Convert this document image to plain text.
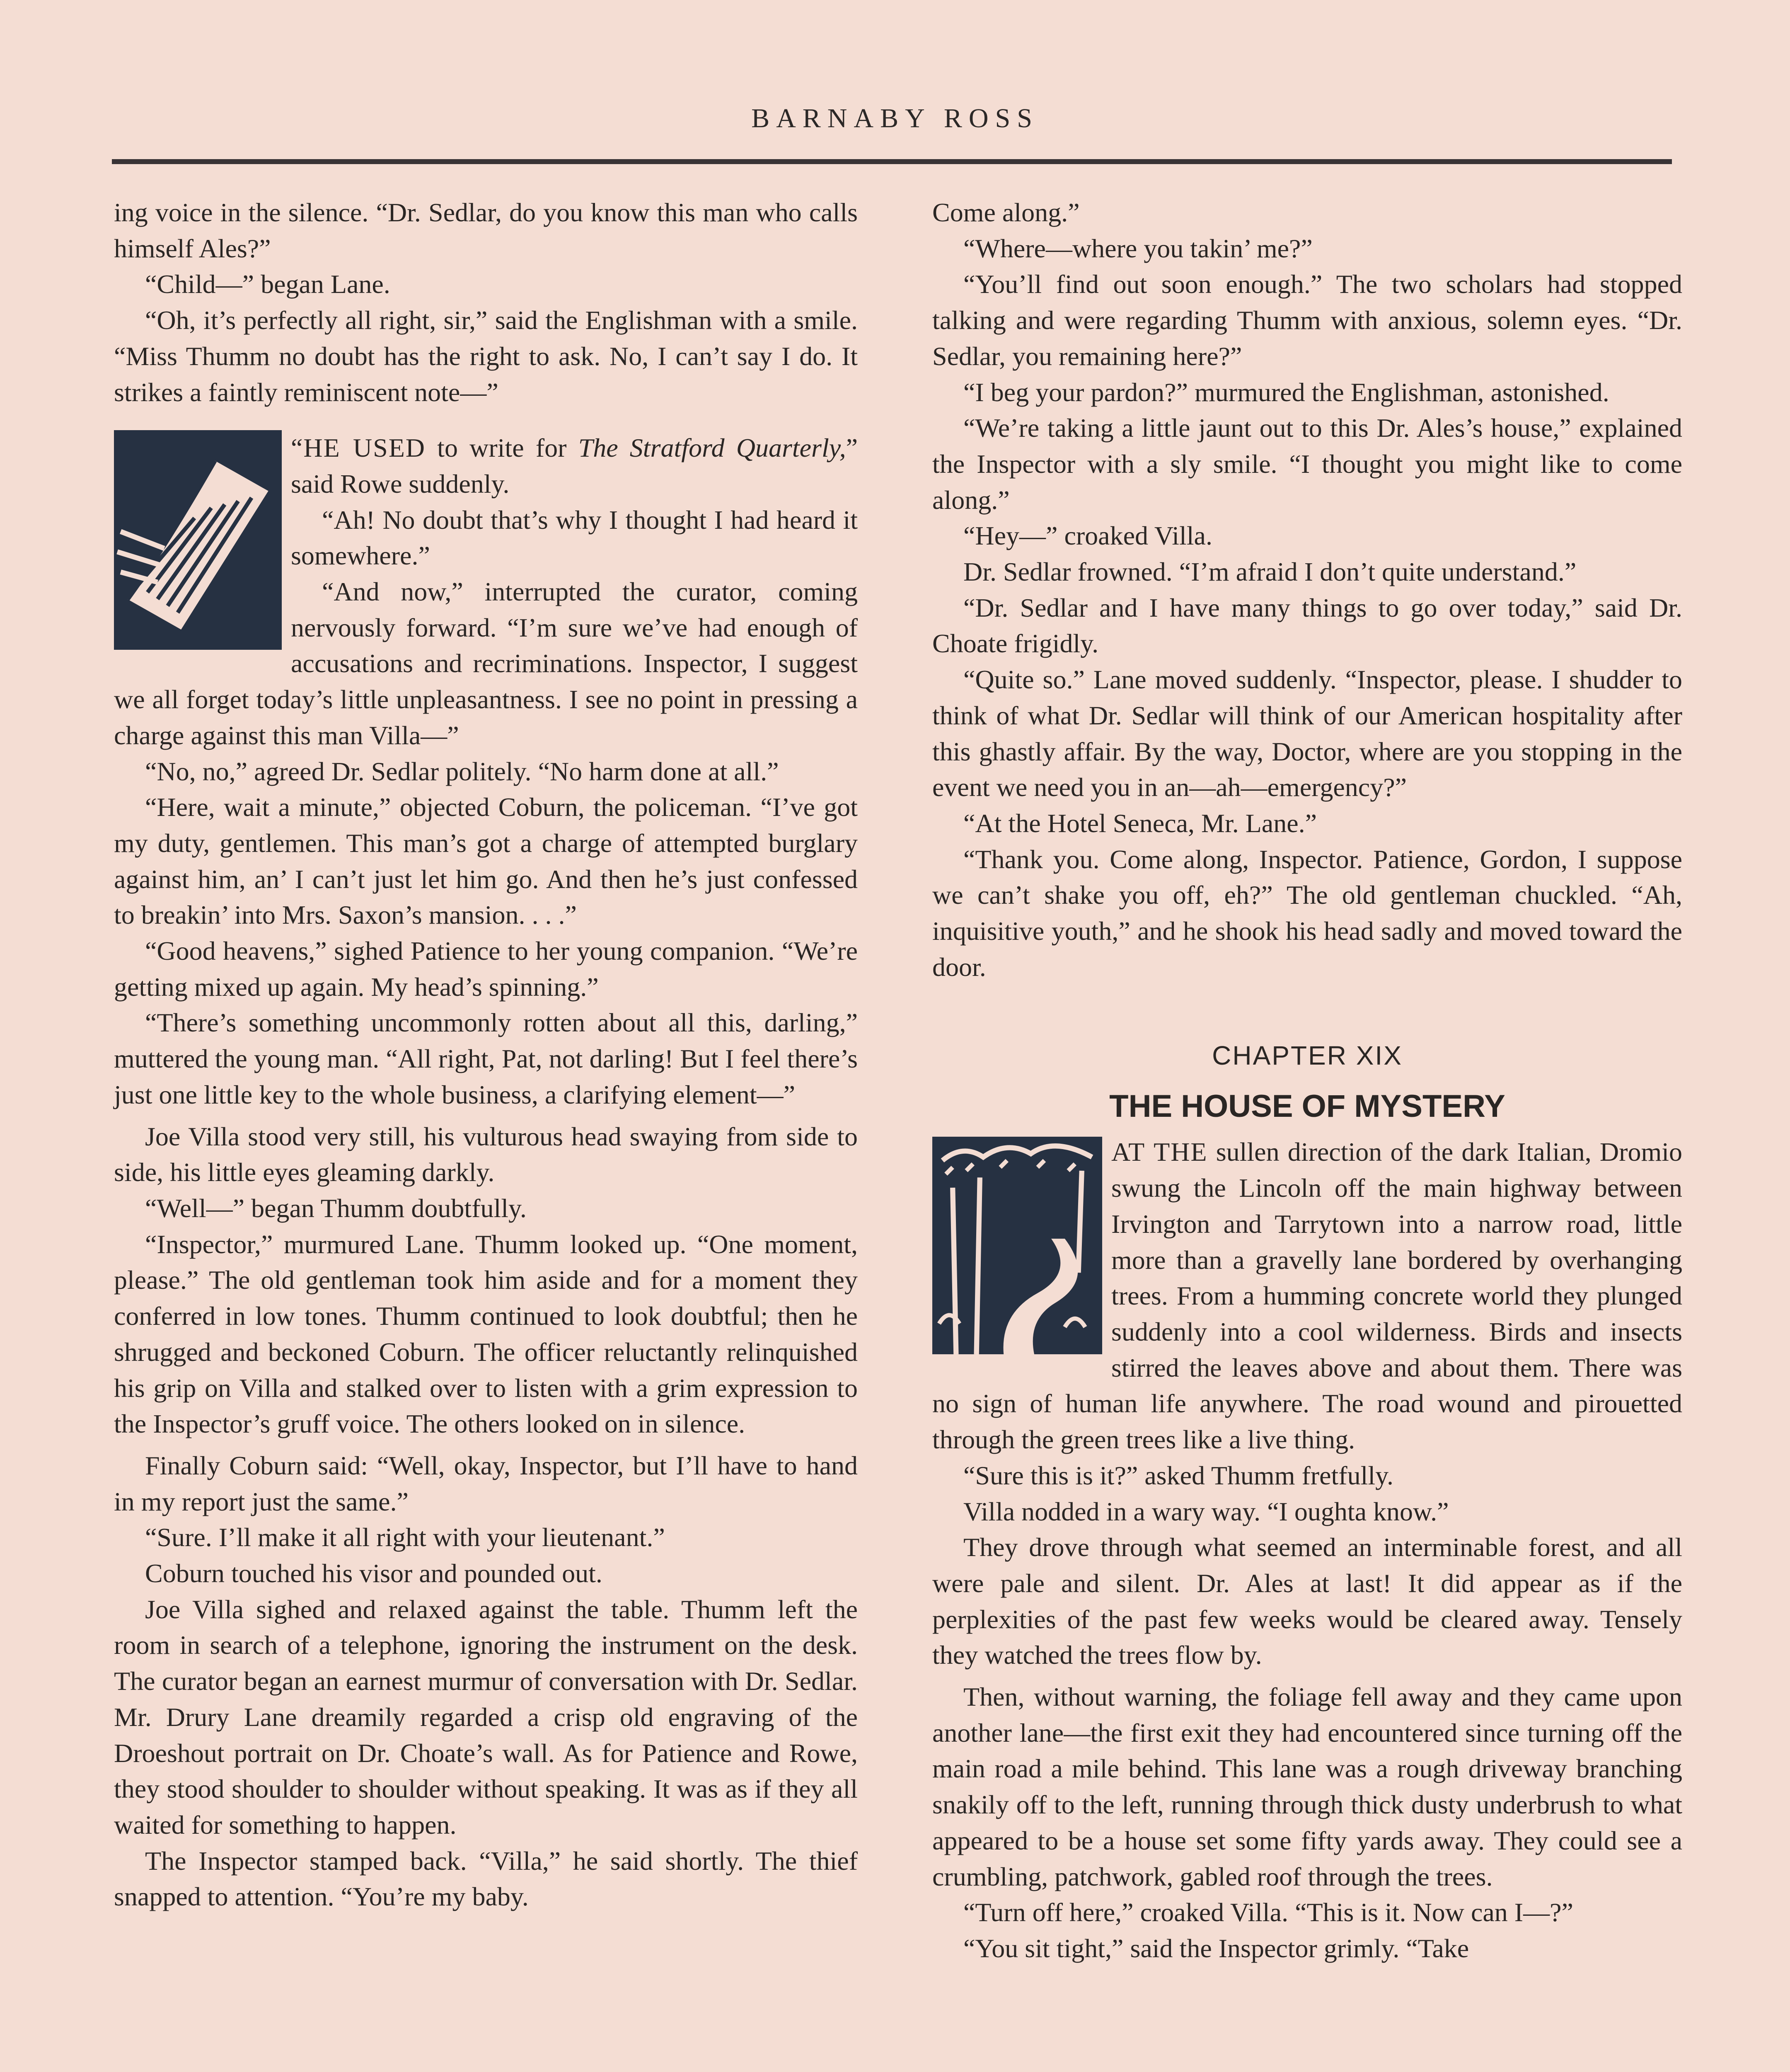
BARNABY ROSS

ing voice in the silence. “Dr. Sedlar, do you know this man who calls himself Ales?”

“Child—” began Lane.

“Oh, it’s perfectly all right, sir,” said the Englishman with a smile. “Miss Thumm no doubt has the right to ask. No, I can’t say I do. It strikes a faintly reminiscent note—”

“HE USED to write for The Stratford Quarterly,” said Rowe suddenly.

“Ah! No doubt that’s why I thought I had heard it somewhere.”

“And now,” interrupted the curator, coming nervously forward. “I’m sure we’ve had enough of accusations and recriminations. Inspector, I suggest we all forget today’s little unpleasantness. I see no point in pressing a charge against this man Villa—”

“No, no,” agreed Dr. Sedlar politely. “No harm done at all.”

“Here, wait a minute,” objected Coburn, the policeman. “I’ve got my duty, gentlemen. This man’s got a charge of attempted burglary against him, an’ I can’t just let him go. And then he’s just confessed to breakin’ into Mrs. Saxon’s mansion. . . .”

“Good heavens,” sighed Patience to her young companion. “We’re getting mixed up again. My head’s spinning.”

“There’s something uncommonly rotten about all this, darling,” muttered the young man. “All right, Pat, not darling! But I feel there’s just one little key to the whole business, a clarifying element—”

Joe Villa stood very still, his vulturous head swaying from side to side, his little eyes gleaming darkly.

“Well—” began Thumm doubtfully.

“Inspector,” murmured Lane. Thumm looked up. “One moment, please.” The old gentleman took him aside and for a moment they conferred in low tones. Thumm continued to look doubtful; then he shrugged and beckoned Coburn. The officer reluctantly relinquished his grip on Villa and stalked over to listen with a grim expression to the Inspector’s gruff voice. The others looked on in silence.

Finally Coburn said: “Well, okay, Inspector, but I’ll have to hand in my report just the same.”

“Sure. I’ll make it all right with your lieutenant.”

Coburn touched his visor and pounded out.

Joe Villa sighed and relaxed against the table. Thumm left the room in search of a telephone, ignoring the instrument on the desk. The curator began an earnest murmur of conversation with Dr. Sedlar. Mr. Drury Lane dreamily regarded a crisp old engraving of the Droeshout portrait on Dr. Choate’s wall. As for Patience and Rowe, they stood shoulder to shoulder without speaking. It was as if they all waited for something to happen.

The Inspector stamped back. “Villa,” he said shortly. The thief snapped to attention. “You’re my baby.

Come along.”

“Where—where you takin’ me?”

“You’ll find out soon enough.” The two scholars had stopped talking and were regarding Thumm with anxious, solemn eyes. “Dr. Sedlar, you remaining here?”

“I beg your pardon?” murmured the Englishman, astonished.

“We’re taking a little jaunt out to this Dr. Ales’s house,” explained the Inspector with a sly smile. “I thought you might like to come along.”

“Hey—” croaked Villa.

Dr. Sedlar frowned. “I’m afraid I don’t quite understand.”

“Dr. Sedlar and I have many things to go over today,” said Dr. Choate frigidly.

“Quite so.” Lane moved suddenly. “Inspector, please. I shudder to think of what Dr. Sedlar will think of our American hospitality after this ghastly affair. By the way, Doctor, where are you stopping in the event we need you in an—ah—emergency?”

“At the Hotel Seneca, Mr. Lane.”

“Thank you. Come along, Inspector. Patience, Gordon, I suppose we can’t shake you off, eh?” The old gentleman chuckled. “Ah, inquisitive youth,” and he shook his head sadly and moved toward the door.

CHAPTER XIX
THE HOUSE OF MYSTERY

AT THE sullen direction of the dark Italian, Dromio swung the Lincoln off the main highway between Irvington and Tarrytown into a narrow road, little more than a gravelly lane bordered by overhanging trees. From a humming concrete world they plunged suddenly into a cool wilderness. Birds and insects stirred the leaves above and about them. There was no sign of human life anywhere. The road wound and pirouetted through the green trees like a live thing.

“Sure this is it?” asked Thumm fretfully.

Villa nodded in a wary way. “I oughta know.”

They drove through what seemed an interminable forest, and all were pale and silent. Dr. Ales at last! It did appear as if the perplexities of the past few weeks would be cleared away. Tensely they watched the trees flow by.

Then, without warning, the foliage fell away and they came upon another lane—the first exit they had encountered since turning off the main road a mile behind. This lane was a rough driveway branching snakily off to the left, running through thick dusty underbrush to what appeared to be a house set some fifty yards away. They could see a crumbling, patchwork, gabled roof through the trees.

“Turn off here,” croaked Villa. “This is it. Now can I—?”

“You sit tight,” said the Inspector grimly. “Take
